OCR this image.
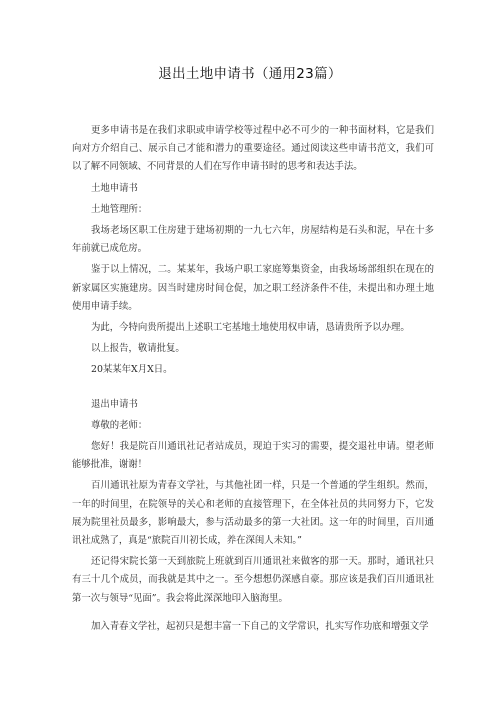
退出土地申请书（通用23篇）

更多申请书是在我们求职或申请学校等过程中必不可少的一种书面材料，它是我们向对方介绍自己、展示自己才能和潜力的重要途径。通过阅读这些申请书范文，我们可以了解不同领域、不同背景的人们在写作申请书时的思考和表达手法。

土地申请书

土地管理所：

我场老场区职工住房建于建场初期的一九七六年，房屋结构是石头和泥，早在十多年前就已成危房。

鉴于以上情况，二。某某年，我场户职工家庭筹集资金，由我场场部组织在现在的新家属区实施建房。因当时建房时间仓促，加之职工经济条件不佳，未提出和办理土地使用申请手续。

为此，今特向贵所提出上述职工宅基地土地使用权申请，恳请贵所予以办理。

以上报告，敬请批复。

20某某年X月X日。

退出申请书

尊敬的老师：

您好！我是院百川通讯社记者站成员，现迫于实习的需要，提交退社申请。望老师能够批准，谢谢！

百川通讯社原为青春文学社，与其他社团一样，只是一个普通的学生组织。然而，一年的时间里，在院领导的关心和老师的直接管理下，在全体社员的共同努力下，它发展为院里社员最多，影响最大，参与活动最多的第一大社团。这一年的时间里，百川通讯社成熟了，真是“旅院百川初长成，养在深闺人未知。”

还记得宋院长第一天到旅院上班就到百川通讯社来做客的那一天。那时，通讯社只有三十几个成员，而我就是其中之一。至今想想仍深感自豪。那应该是我们百川通讯社第一次与领导“见面”。我会将此深深地印入脑海里。

加入青春文学社，起初只是想丰富一下自己的文学常识，扎实写作功底和增强文学
